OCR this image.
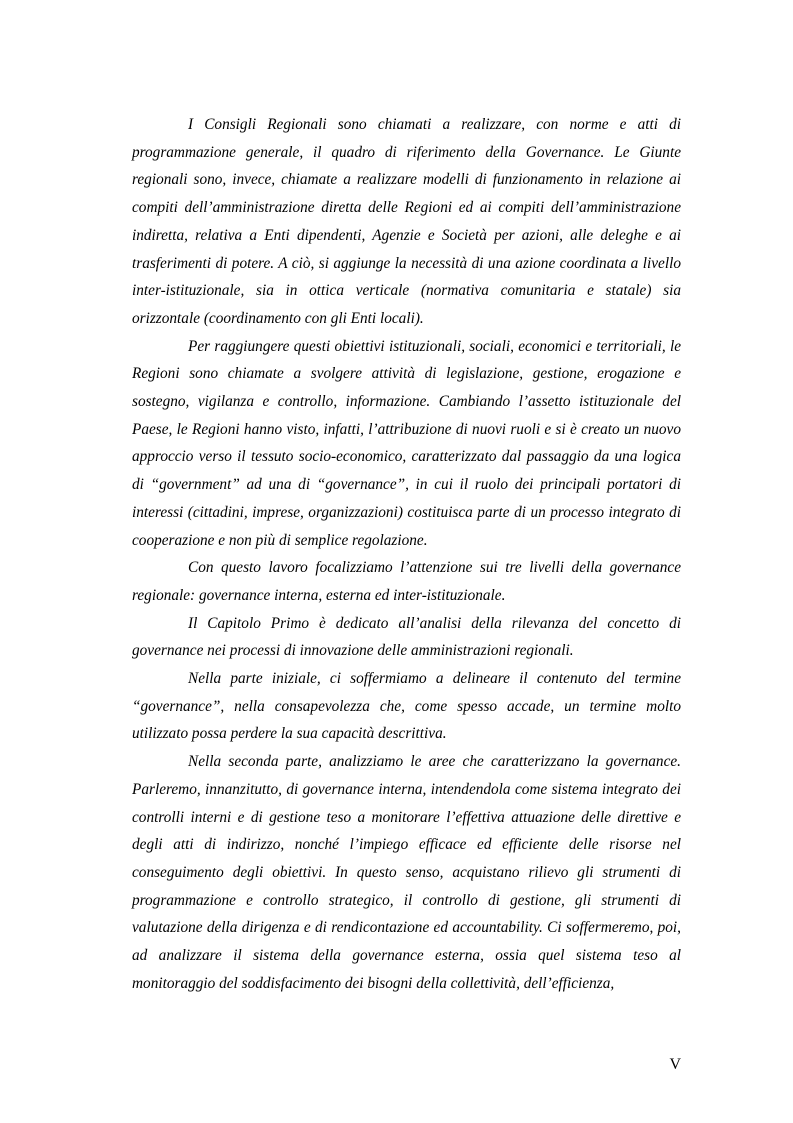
I Consigli Regionali sono chiamati a realizzare, con norme e atti di programmazione generale, il quadro di riferimento della Governance. Le Giunte regionali sono, invece, chiamate a realizzare modelli di funzionamento in relazione ai compiti dell’amministrazione diretta delle Regioni ed ai compiti dell’amministrazione indiretta, relativa a Enti dipendenti, Agenzie e Società per azioni, alle deleghe e ai trasferimenti di potere. A ciò, si aggiunge la necessità di una azione coordinata a livello inter-istituzionale, sia in ottica verticale (normativa comunitaria e statale) sia orizzontale (coordinamento con gli Enti locali).

Per raggiungere questi obiettivi istituzionali, sociali, economici e territoriali, le Regioni sono chiamate a svolgere attività di legislazione, gestione, erogazione e sostegno, vigilanza e controllo, informazione. Cambiando l’assetto istituzionale del Paese, le Regioni hanno visto, infatti, l’attribuzione di nuovi ruoli e si è creato un nuovo approccio verso il tessuto socio-economico, caratterizzato dal passaggio da una logica di “government” ad una di “governance”, in cui il ruolo dei principali portatori di interessi (cittadini, imprese, organizzazioni) costituisca parte di un processo integrato di cooperazione e non più di semplice regolazione.

Con questo lavoro focalizziamo l’attenzione sui tre livelli della governance regionale: governance interna, esterna ed inter-istituzionale.

Il Capitolo Primo è dedicato all’analisi della rilevanza del concetto di governance nei processi di innovazione delle amministrazioni regionali.

Nella parte iniziale, ci soffermiamo a delineare il contenuto del termine “governance”, nella consapevolezza che, come spesso accade, un termine molto utilizzato possa perdere la sua capacità descrittiva.

Nella seconda parte, analizziamo le aree che caratterizzano la governance. Parleremo, innanzitutto, di governance interna, intendendola come sistema integrato dei controlli interni e di gestione teso a monitorare l’effettiva attuazione delle direttive e degli atti di indirizzo, nonché l’impiego efficace ed efficiente delle risorse nel conseguimento degli obiettivi. In questo senso, acquistano rilievo gli strumenti di programmazione e controllo strategico, il controllo di gestione, gli strumenti di valutazione della dirigenza e di rendicontazione ed accountability. Ci soffermeremo, poi, ad analizzare il sistema della governance esterna, ossia quel sistema teso al monitoraggio del soddisfacimento dei bisogni della collettività, dell’efficienza,

V
